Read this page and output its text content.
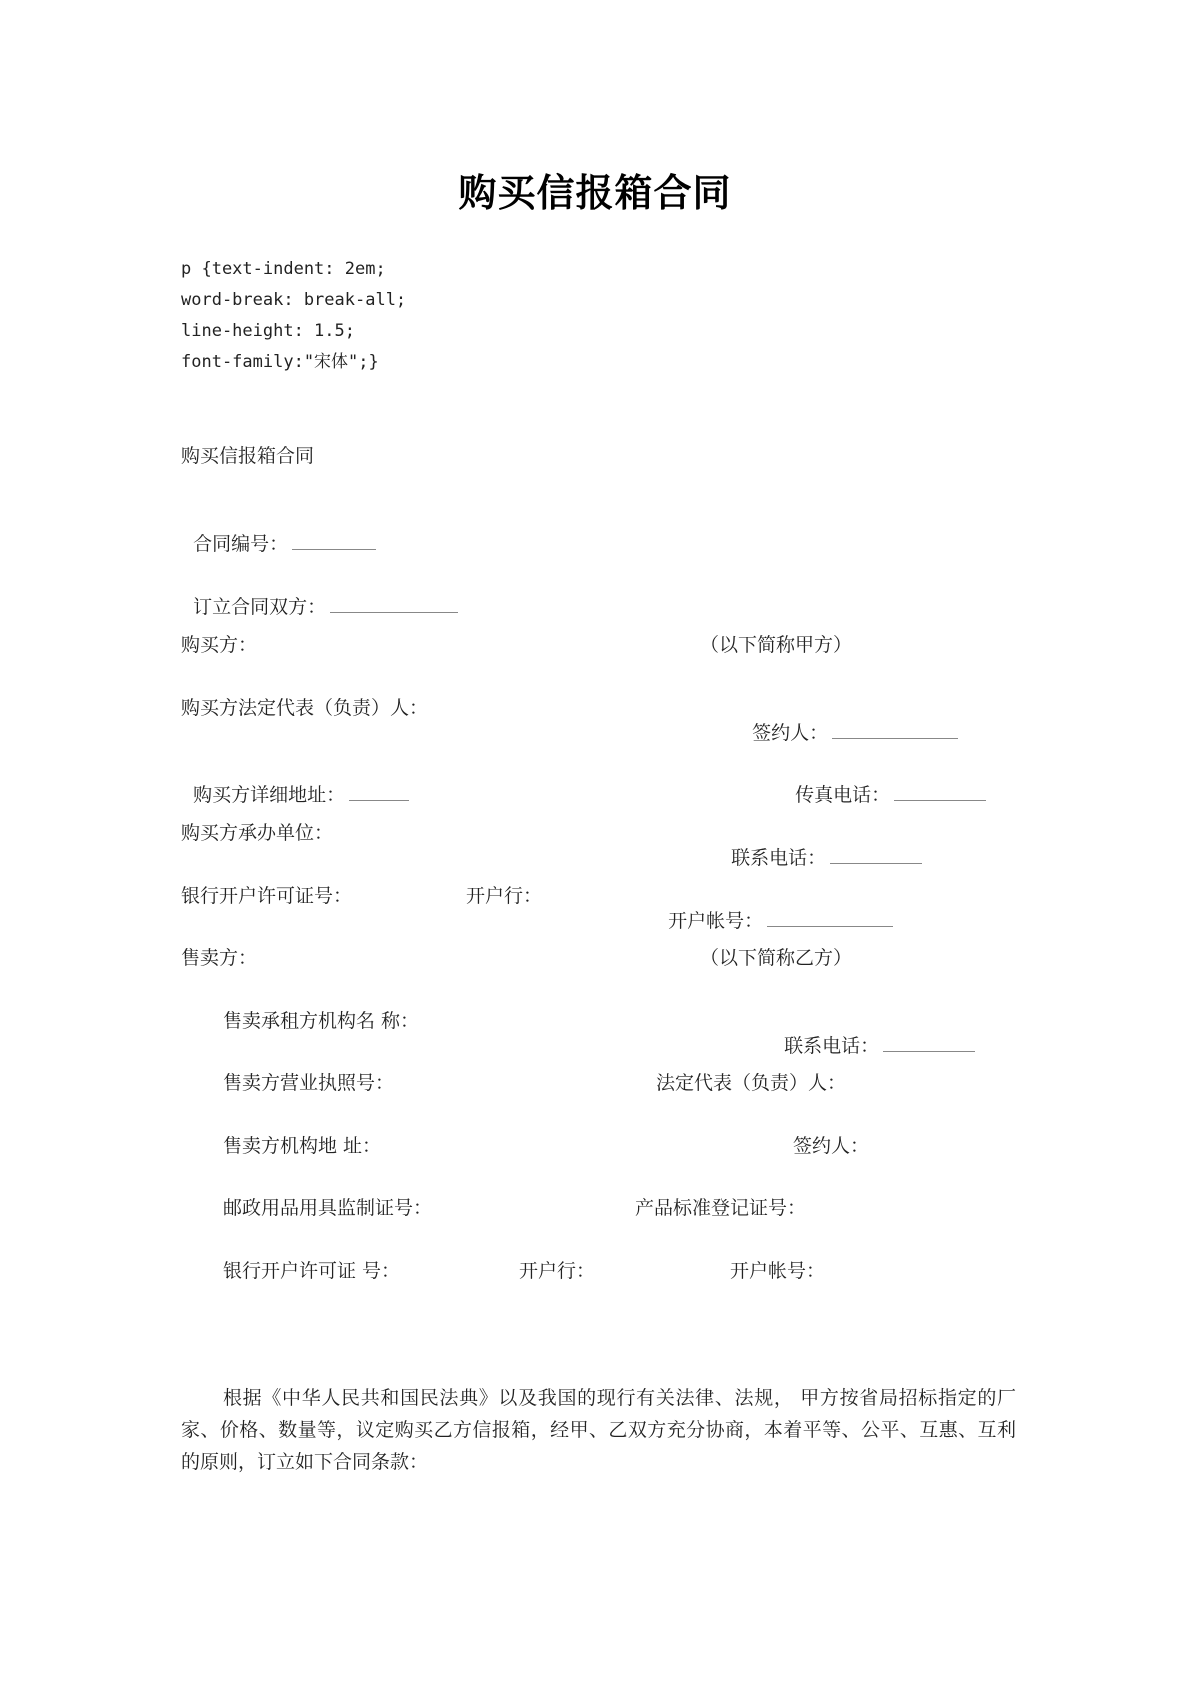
购买信报箱合同
p {text-indent: 2em;
word-break: break-all;
line-height: 1.5;
font-family:"宋体";}
购买信报箱合同

合同编号：

订立合同双方：

购买方：	（以下简称甲方）
购买方法定代表（负责）人：

签约人：

购买方详细地址：	传真电话：

购买方承办单位：

联系电话：

银行开户许可证号：	开户行：

开户帐号：

售卖方：	（以下简称乙方）
售卖承租方机构名 称：

联系电话：

售卖方营业执照号：	法定代表（负责）人：
售卖方机构地 址：	签约人：
邮政用品用具监制证号：	产品标准登记证号：
银行开户许可证 号：	开户行：	开户帐号：
根据《中华人民共和国民法典》以及我国的现行有关法律、法规， 甲方按省局招标指定的厂家、价格、数量等，议定购买乙方信报箱，经甲、乙双方充分协商，本着平等、公平、互惠、互利的原则，订立如下合同条款：
